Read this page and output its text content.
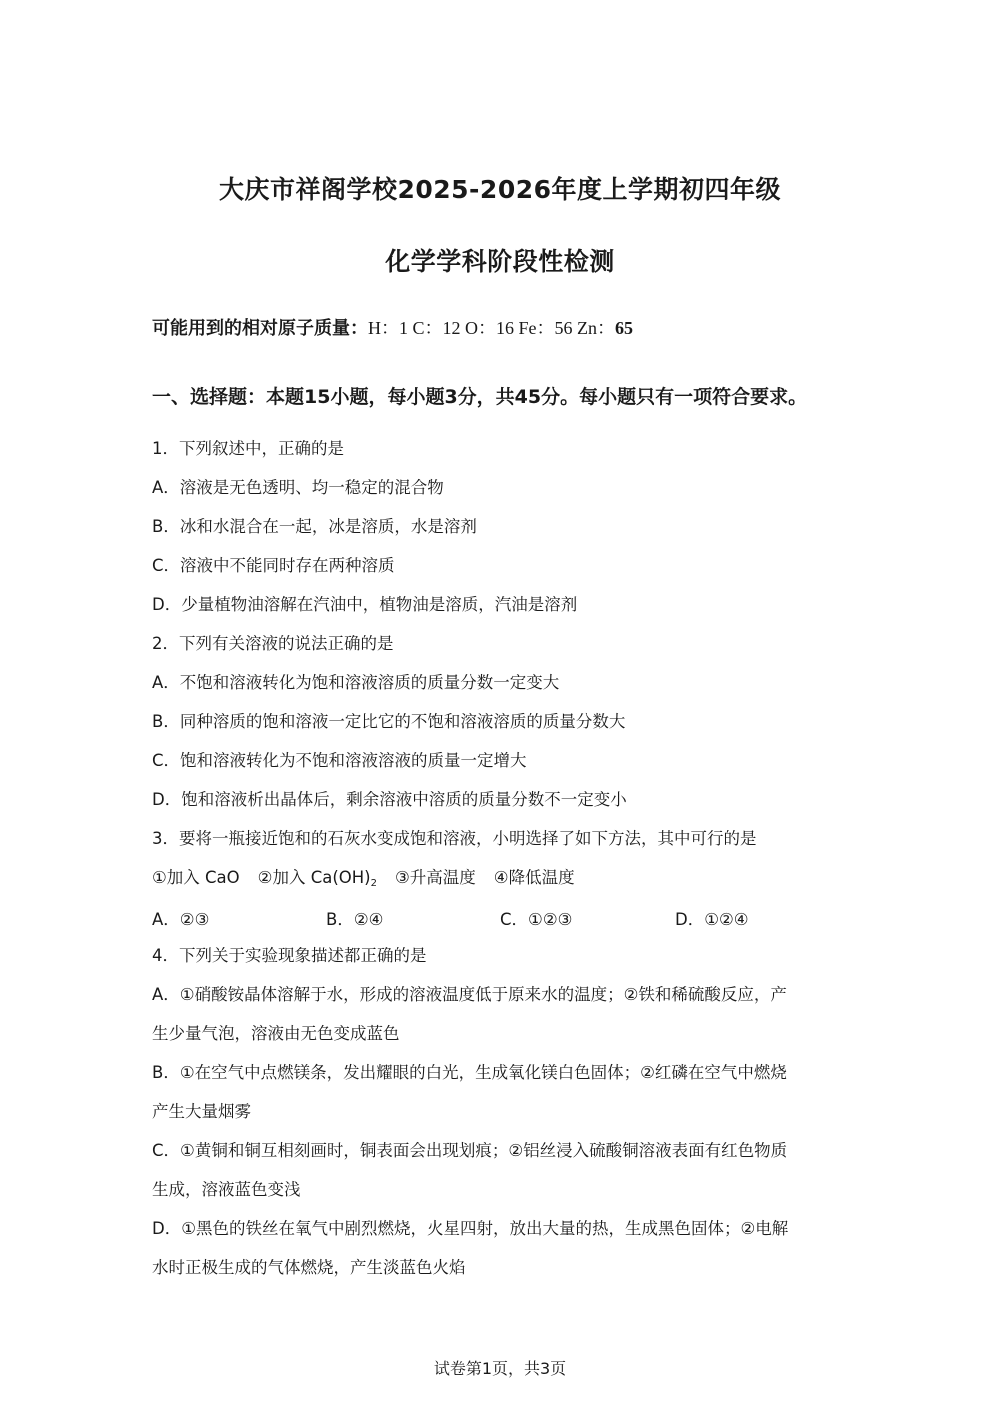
大庆市祥阁学校2025-2026年度上学期初四年级
化学学科阶段性检测
可能用到的相对原子质量：H：1 C：12 O：16 Fe：56 Zn：65
一、选择题：本题15小题，每小题3分，共45分。每小题只有一项符合要求。
1．下列叙述中，正确的是
A．溶液是无色透明、均一稳定的混合物
B．冰和水混合在一起，冰是溶质，水是溶剂
C．溶液中不能同时存在两种溶质
D．少量植物油溶解在汽油中，植物油是溶质，汽油是溶剂
2．下列有关溶液的说法正确的是
A．不饱和溶液转化为饱和溶液溶质的质量分数一定变大
B．同种溶质的饱和溶液一定比它的不饱和溶液溶质的质量分数大
C．饱和溶液转化为不饱和溶液溶液的质量一定增大
D．饱和溶液析出晶体后，剩余溶液中溶质的质量分数不一定变小
3．要将一瓶接近饱和的石灰水变成饱和溶液，小明选择了如下方法，其中可行的是
①加入 CaO ②加入 $Ca(OH)_2$ ③升高温度 ④降低温度
A．②③	B．②④	C．①②③	D．①②④
4．下列关于实验现象描述都正确的是
A．①硝酸铵晶体溶解于水，形成的溶液温度低于原来水的温度；②铁和稀硫酸反应，产
生少量气泡，溶液由无色变成蓝色
B．①在空气中点燃镁条，发出耀眼的白光，生成氧化镁白色固体；②红磷在空气中燃烧
产生大量烟雾
C．①黄铜和铜互相刻画时，铜表面会出现划痕；②铝丝浸入硫酸铜溶液表面有红色物质
生成，溶液蓝色变浅
D．①黑色的铁丝在氧气中剧烈燃烧，火星四射，放出大量的热，生成黑色固体；②电解
水时正极生成的气体燃烧，产生淡蓝色火焰
试卷第1页，共3页
